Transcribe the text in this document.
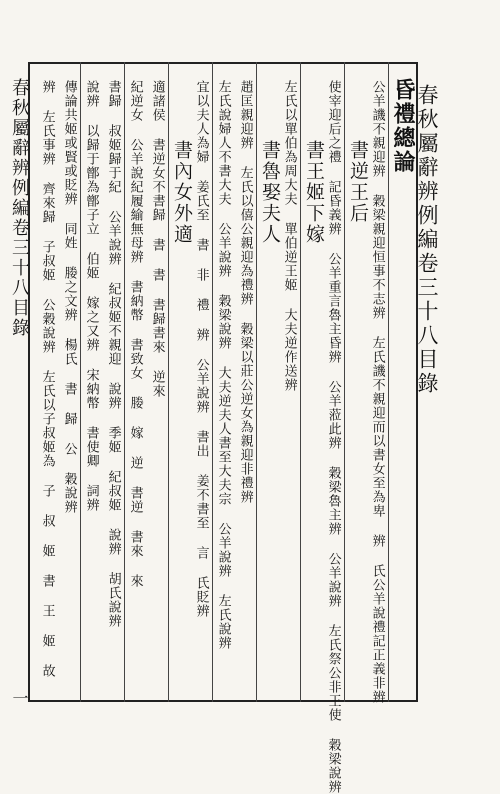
春秋屬辭辨例編卷三十八目錄
一
春秋屬辭辨例編卷三十八目錄
昏禮總論
公羊譏不親迎辨 穀梁親迎恒事不志辨 左氏譏不親迎而以書女至為卑 辨 氏公羊說禮記正義非辨
書逆王后
使宰迎后之禮 記昏義辨 公羊重言魯主昏辨 公羊蒞此辨 穀梁魯主辨 公羊說辨 左氏祭公非王使 穀梁說辨
書王姬下嫁
左氏以單伯為周大夫 單伯逆王姬 大夫逆作送辨
書魯娶夫人
趙匡親迎辨 左氏以僖公親迎為禮辨 穀梁以莊公逆女為親迎非禮辨
左氏說婦人不書大夫 公羊說辨 穀梁說辨 大夫逆夫人書至大夫宗 公羊說辨 左氏說辨
宜以夫人為婦 姜氏至 書 非 禮 辨 公羊說辨 書出 姜不書至 言 氏貶辨
書內女外適
適諸侯 書逆女不書歸 書 書 書歸書來 逆來
紀逆女 公羊說紀履緰無母辨 書納幣 書致女 媵 嫁 逆 書逆 書來 來
書歸 叔姬歸于紀 公羊說辨 紀叔姬不親迎 說辨 季姬 紀叔姬 說辨 胡氏說辨
說辨 以歸于鄫為鄫子立 伯姬 嫁之又辨 宋納幣 書使卿 詞辨
傳論共姬或賢或貶辨 同姓 媵之文辨 楊氏 書 歸 公 穀說辨
辨 左氏事辨 齊來歸 子叔姬 公穀說辨 左氏以子叔姬為 子 叔 姬 書 王 姬 故
